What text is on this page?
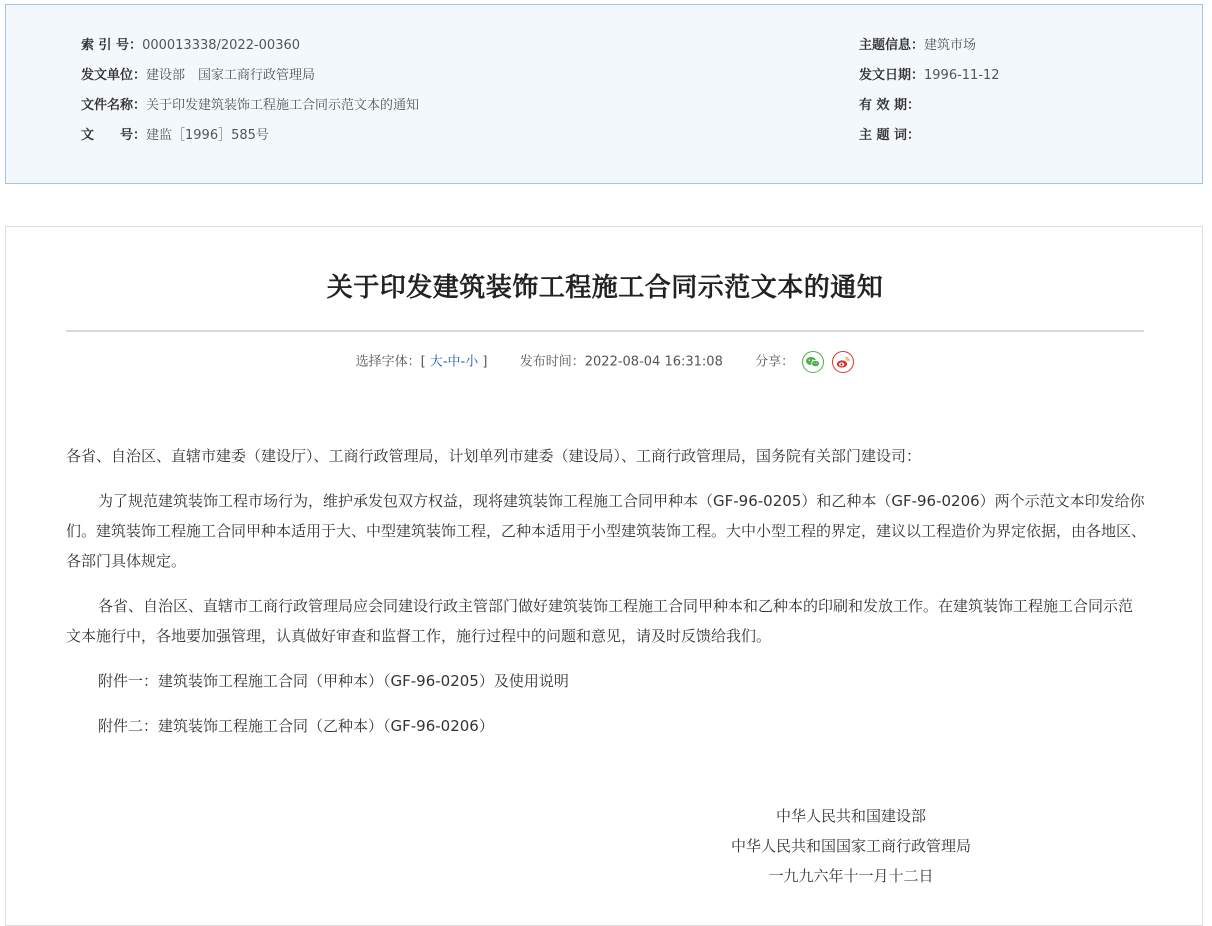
索 引 号：000013338/2022-00360
发文单位：建设部　国家工商行政管理局
文件名称：关于印发建筑装饰工程施工合同示范文本的通知
文　　号：建监［1996］585号
主题信息：建筑市场
发文日期：1996-11-12
有 效 期：
主 题 词：
关于印发建筑装饰工程施工合同示范文本的通知
选择字体：[ 大-中-小 ] 发布时间：2022-08-04 16:31:08 分享：

各省、自治区、直辖市建委（建设厅）、工商行政管理局，计划单列市建委（建设局）、工商行政管理局，国务院有关部门建设司：

为了规范建筑装饰工程市场行为，维护承发包双方权益，现将建筑装饰工程施工合同甲种本（GF-96-0205）和乙种本（GF-96-0206）两个示范文本印发给你们。建筑装饰工程施工合同甲种本适用于大、中型建筑装饰工程，乙种本适用于小型建筑装饰工程。大中小型工程的界定，建议以工程造价为界定依据，由各地区、各部门具体规定。

各省、自治区、直辖市工商行政管理局应会同建设行政主管部门做好建筑装饰工程施工合同甲种本和乙种本的印刷和发放工作。在建筑装饰工程施工合同示范文本施行中，各地要加强管理，认真做好审查和监督工作，施行过程中的问题和意见，请及时反馈给我们。

附件一：建筑装饰工程施工合同（甲种本）（GF-96-0205）及使用说明

附件二：建筑装饰工程施工合同（乙种本）（GF-96-0206）

中华人民共和国建设部
中华人民共和国国家工商行政管理局
一九九六年十一月十二日
